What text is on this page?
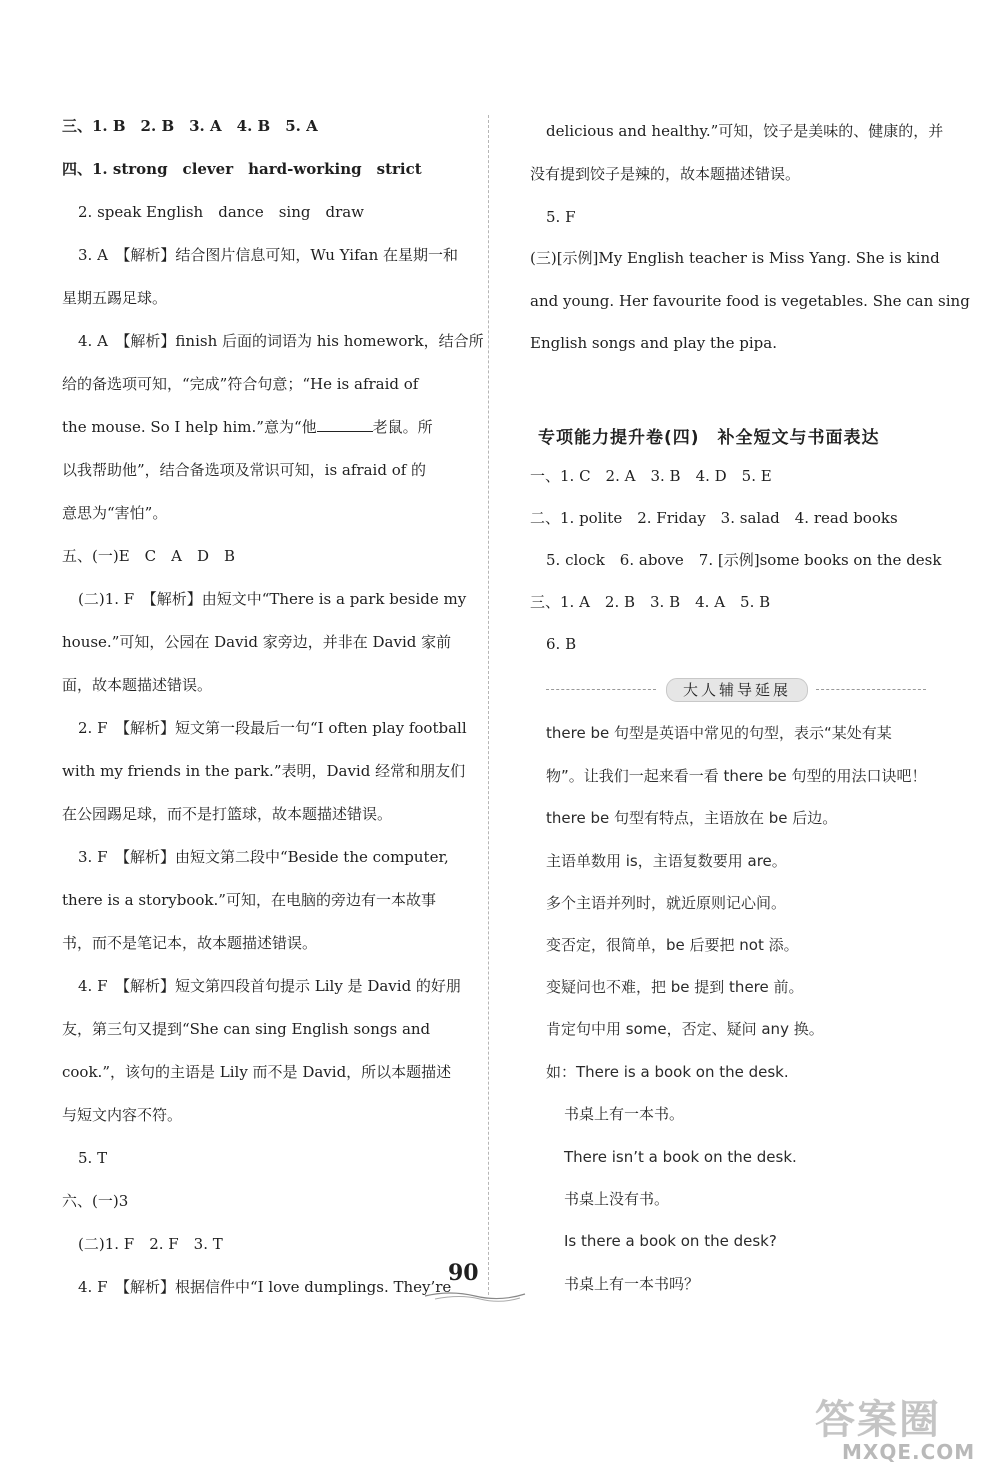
三、1. B　2. B　3. A　4. B　5. A
四、1. strong　clever　hard-working　strict
2. speak English　dance　sing　draw
3. A　【解析】结合图片信息可知，Wu Yifan 在星期一和
星期五踢足球。
4. A　【解析】finish 后面的词语为 his homework，结合所
给的备选项可知，“完成”符合句意；“He is afraid of
the mouse. So I help him.”意为“他	老鼠。所
以我帮助他”，结合备选项及常识可知，is afraid of 的
意思为“害怕”。
五、(一)E　C　A　D　B
(二)1. F　【解析】由短文中“There is a park beside my
house.”可知，公园在 David 家旁边，并非在 David 家前
面，故本题描述错误。
2. F　【解析】短文第一段最后一句“I often play football
with my friends in the park.”表明，David 经常和朋友们
在公园踢足球，而不是打篮球，故本题描述错误。
3. F　【解析】由短文第二段中“Beside the computer,
there is a storybook.”可知，在电脑的旁边有一本故事
书，而不是笔记本，故本题描述错误。
4. F　【解析】短文第四段首句提示 Lily 是 David 的好朋
友，第三句又提到“She can sing English songs and
cook.”，该句的主语是 Lily 而不是 David，所以本题描述
与短文内容不符。
5. T
六、(一)3
(二)1. F　2. F　3. T
4. F　【解析】根据信件中“I love dumplings. They’re
delicious and healthy.”可知，饺子是美味的、健康的，并
没有提到饺子是辣的，故本题描述错误。
5. F
(三)[示例]My English teacher is Miss Yang. She is kind
and young. Her favourite food is vegetables. She can sing
English songs and play the pipa.
专项能力提升卷(四)　补全短文与书面表达
一、1. C　2. A　3. B　4. D　5. E
二、1. polite　2. Friday　3. salad　4. read books
5. clock　6. above　7. [示例]some books on the desk
三、1. A　2. B　3. B　4. A　5. B
6. B
大人辅导延展
there be 句型是英语中常见的句型，表示“某处有某
物”。让我们一起来看一看 there be 句型的用法口诀吧！
there be 句型有特点，主语放在 be 后边。
主语单数用 is，主语复数要用 are。
多个主语并列时，就近原则记心间。
变否定，很简单，be 后要把 not 添。
变疑问也不难，把 be 提到 there 前。
肯定句中用 some，否定、疑问 any 换。
如：There is a book on the desk.
书桌上有一本书。
There isn’t a book on the desk.
书桌上没有书。
Is there a book on the desk?
书桌上有一本书吗？
90
答案圈
MXQE.COM
